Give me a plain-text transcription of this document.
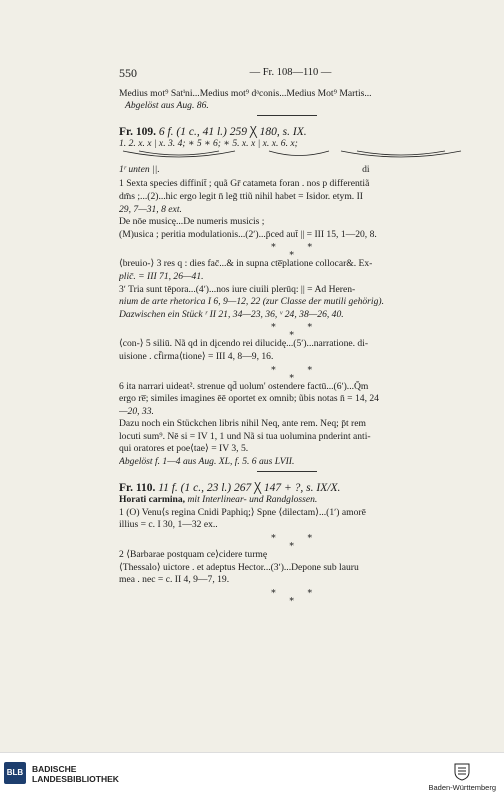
550	— Fr. 108—110 —
Medius mot⁹ Satⁱni...Medius mot⁹ dᵃconis...Medius Mot⁹ Martis...
Abgelöst aus Aug. 86.
Fr. 109. 6 f. (1 c., 41 l.) 259 ╳ 180, s. IX.
1. 2. x. x | x. 3. 4; ∗ 5 ∗ 6; ∗ 5. x. x | x. x. 6. x;
1ʳ unten ||.	di
1 Sexta species diffinit̄ ; quã Gr̄ catameta foran . nos p differentiã
dm̄s ;...(2)...hic ergo legit n̄ leḡ ttiũ nihil habet = Isidor. etym. II
29, 7—31, 8 ext.
De nōe musicę...De numeris musicis ;
(M)usica ; peritia modulationis...(2ʹ)...p̄ced aut̄ || = III 15, 1—20, 8.
∗ ∗
∗
⟨breuio-⟩ 3 res q : dies fac̄...& in supna cte̅platione collocar&. Ex-
plic̄. = III 71, 26—41.
3ʹ Tria sunt tēpora...(4ʹ)...nos iure ciuili plerūq: || = Ad Heren-
nium de arte rhetorica I 6, 9—12, 22 (zur Classe der mutili gehörig).
Dazwischen ein Stück ʳ II 21, 34—23, 36, ᵛ 24, 38—26, 40.
∗ ∗
∗
⟨con-⟩ 5 siliū. Nã qd in dįcendo rei dilucidę...(5ʹ)...narratione. di-
uisione . cf̄irma⟨tione⟩ = III 4, 8—9, 16.
∗ ∗
∗
6 ita narrari uideat². strenue qd̄ uolum' ostendere factū...(6ʹ)...Q̄m
ergo re̅; similes imagines ēē oportet ex omnib; ũbis notas n̄ = 14, 24
—20, 33.
Dazu noch ein Stückchen libris nihil Neq, ante rem. Neq; p̄t rem
locuti sum⁹. Nē si = IV 1, 1 und Nã si tua uolumina pnderint anti-
qui oratores et poe⟨tae⟩ = IV 3, 5.
Abgelöst f. 1—4 aus Aug. XL, f. 5. 6 aus LVII.
Fr. 110. 11 f. (1 c., 23 l.) 267 ╳ 147 + ?, s. IX/X.
Horati carmina, mit Interlinear- und Randglossen.
1 (O) Venu⟨s regina Cnidi Paphiq;⟩ Spne ⟨dilectam⟩...(1ʹ) amorē
illius = c. I 30, 1—32 ex..
∗ ∗
∗
2 ⟨Barbarae postquam ce⟩cidere turmę
⟨Thessalo⟩ uictore . et adeptus Hector...(3ʹ)...Depone sub lauru
mea . nec = c. II 4, 9—7, 19.
∗ ∗
∗
BLB	BADISCHE
LANDESBIBLIOTHEK
Baden-Württemberg
